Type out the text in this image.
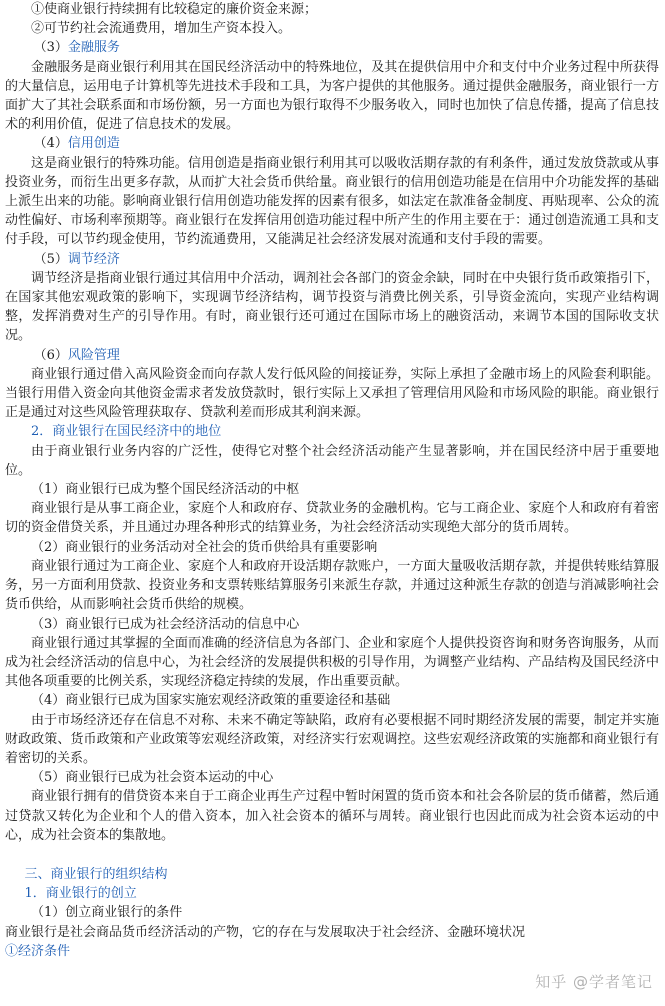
①使商业银行持续拥有比较稳定的廉价资金来源；

②可节约社会流通费用，增加生产资本投入。

（3）金融服务

金融服务是商业银行利用其在国民经济活动中的特殊地位，及其在提供信用中介和支付中介业务过程中所获得的大量信息，运用电子计算机等先进技术手段和工具，为客户提供的其他服务。通过提供金融服务，商业银行一方面扩大了其社会联系面和市场份额，另一方面也为银行取得不少服务收入，同时也加快了信息传播，提高了信息技术的利用价值，促进了信息技术的发展。

（4）信用创造

这是商业银行的特殊功能。信用创造是指商业银行利用其可以吸收活期存款的有利条件，通过发放贷款或从事投资业务，而衍生出更多存款，从而扩大社会货币供给量。商业银行的信用创造功能是在信用中介功能发挥的基础上派生出来的功能。影响商业银行信用创造功能发挥的因素有很多，如法定在款准备金制度、再贴现率、公众的流动性偏好、市场利率预期等。商业银行在发挥信用创造功能过程中所产生的作用主要在于：通过创造流通工具和支付手段，可以节约现金使用，节约流通费用，又能满足社会经济发展对流通和支付手段的需要。

（5）调节经济

调节经济是指商业银行通过其信用中介活动，调剂社会各部门的资金余缺，同时在中央银行货币政策指引下，在国家其他宏观政策的影响下，实现调节经济结构，调节投资与消费比例关系，引导资金流向，实现产业结构调整，发挥消费对生产的引导作用。有时，商业银行还可通过在国际市场上的融资活动，来调节本国的国际收支状况。

（6）风险管理

商业银行通过借入高风险资金而向存款人发行低风险的间接证券，实际上承担了金融市场上的风险套利职能。当银行用借入资金向其他资金需求者发放贷款时，银行实际上又承担了管理信用风险和市场风险的职能。商业银行正是通过对这些风险管理获取存、贷款利差而形成其利润来源。

2．商业银行在国民经济中的地位

由于商业银行业务内容的广泛性，使得它对整个社会经济活动能产生显著影响，并在国民经济中居于重要地位。

（1）商业银行已成为整个国民经济活动的中枢

商业银行是从事工商企业，家庭个人和政府存、贷款业务的金融机构。它与工商企业、家庭个人和政府有着密切的资金借贷关系，并且通过办理各种形式的结算业务，为社会经济活动实现绝大部分的货币周转。

（2）商业银行的业务活动对全社会的货币供给具有重要影响

商业银行通过为工商企业、家庭个人和政府开设活期存款账户，一方面大量吸收活期存款，并提供转账结算服务，另一方面利用贷款、投资业务和支票转账结算服务引来派生存款，并通过这种派生存款的创造与消减影响社会货币供给，从而影响社会货币供给的规模。

（3）商业银行已成为社会经济活动的信息中心

商业银行通过其掌握的全面而准确的经济信息为各部门、企业和家庭个人提供投资咨询和财务咨询服务，从而成为社会经济活动的信息中心，为社会经济的发展提供积极的引导作用，为调整产业结构、产品结构及国民经济中其他各项重要的比例关系，实现经济稳定持续的发展，作出重要贡献。

（4）商业银行已成为国家实施宏观经济政策的重要途径和基础

由于市场经济还存在信息不对称、未来不确定等缺陷，政府有必要根据不同时期经济发展的需要，制定并实施财政政策、货币政策和产业政策等宏观经济政策，对经济实行宏观调控。这些宏观经济政策的实施都和商业银行有着密切的关系。

（5）商业银行已成为社会资本运动的中心

商业银行拥有的借贷资本来自于工商企业再生产过程中暂时闲置的货币资本和社会各阶层的货币储蓄，然后通过贷款又转化为企业和个人的借入资本，加入社会资本的循环与周转。商业银行也因此而成为社会资本运动的中心，成为社会资本的集散地。

三、商业银行的组织结构

1．商业银行的创立

（1）创立商业银行的条件

商业银行是社会商品货币经济活动的产物，它的存在与发展取决于社会经济、金融环境状况

①经济条件

知乎 @学者笔记
